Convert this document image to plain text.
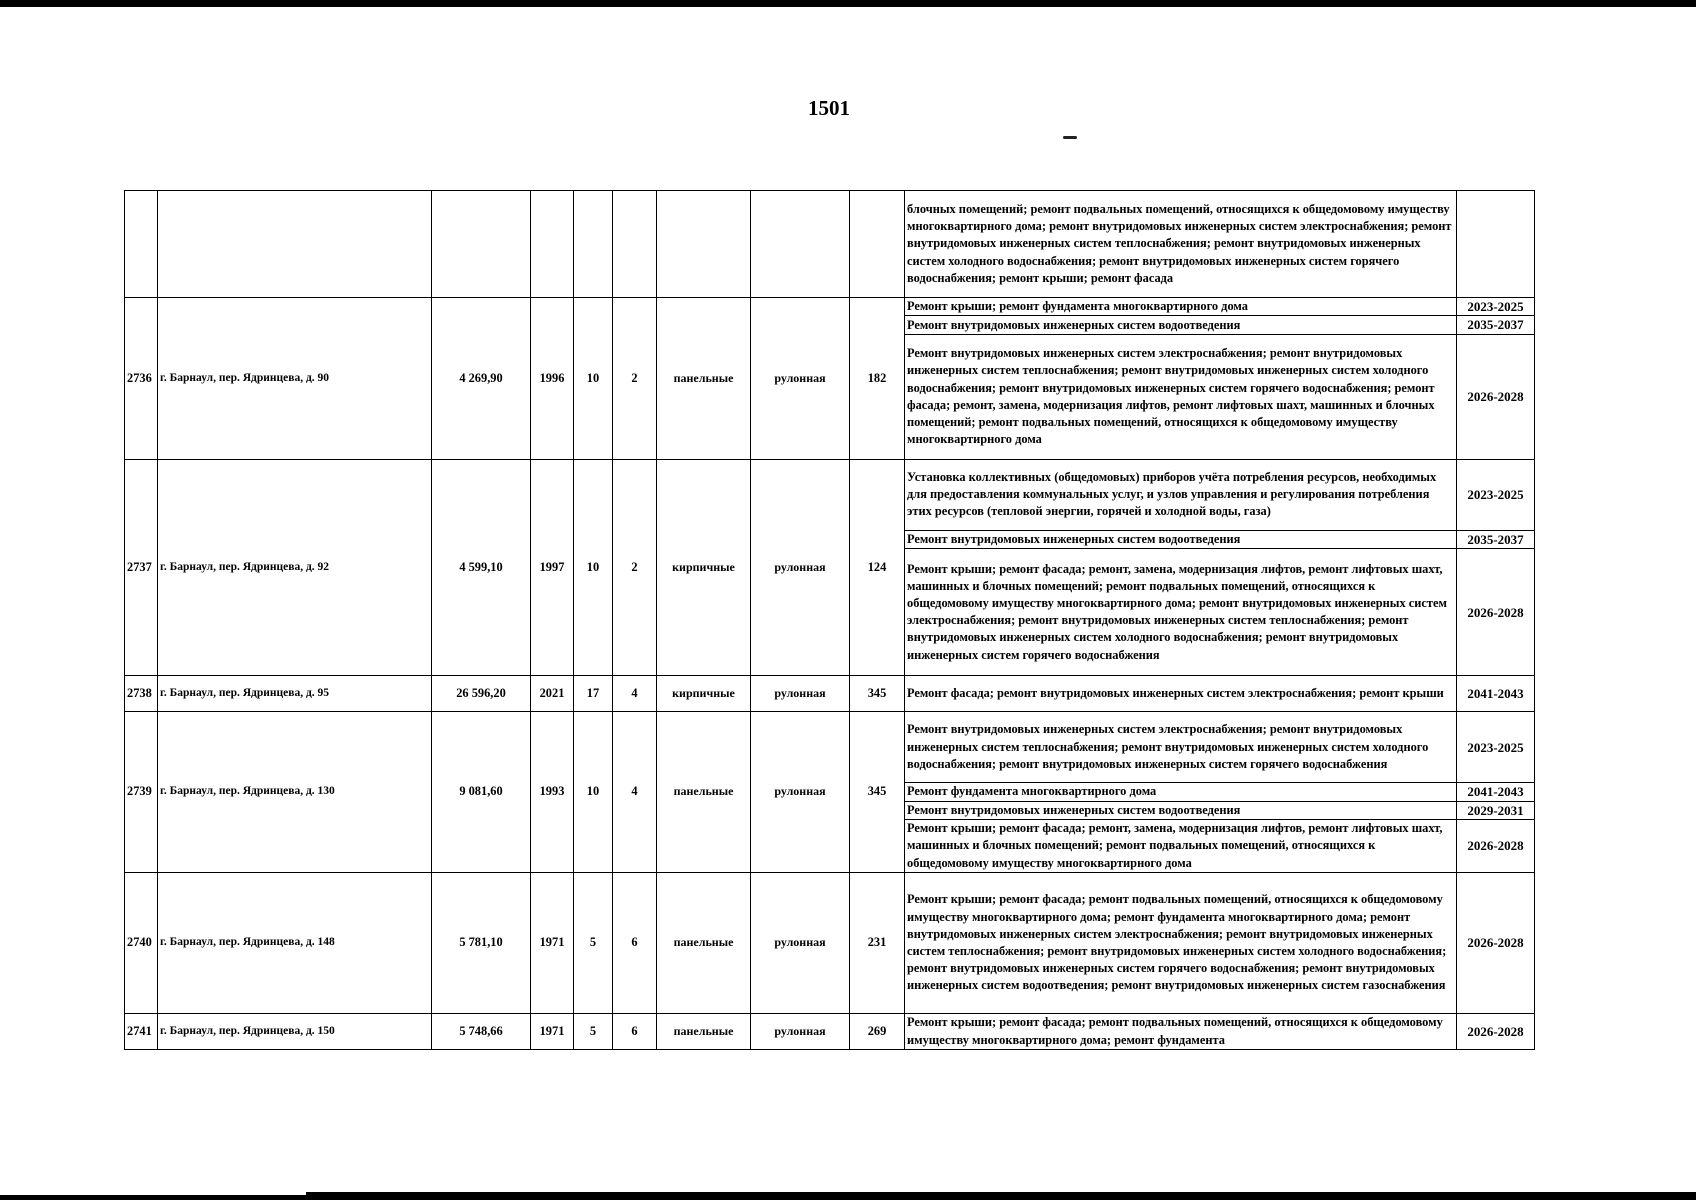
1501
									блочных помещений; ремонт подвальных помещений, относящихся к общедомовому имуществу многоквартирного дома; ремонт внутридомовых инженерных систем электроснабжения; ремонт внутридомовых инженерных систем теплоснабжения; ремонт внутридомовых инженерных систем холодного водоснабжения; ремонт внутридомовых инженерных систем горячего водоснабжения; ремонт крыши; ремонт фасада	
2736	г. Барнаул, пер. Ядринцева, д. 90	4 269,90	1996	10	2	панельные	рулонная	182	Ремонт крыши; ремонт фундамента многоквартирного дома	2023-2025
									Ремонт внутридомовых инженерных систем водоотведения	2035-2037
									Ремонт внутридомовых инженерных систем электроснабжения; ремонт внутридомовых инженерных систем теплоснабжения; ремонт внутридомовых инженерных систем холодного водоснабжения; ремонт внутридомовых инженерных систем горячего водоснабжения; ремонт фасада; ремонт, замена, модернизация лифтов, ремонт лифтовых шахт, машинных и блочных помещений; ремонт подвальных помещений, относящихся к общедомовому имуществу многоквартирного дома	2026-2028
2737	г. Барнаул, пер. Ядринцева, д. 92	4 599,10	1997	10	2	кирпичные	рулонная	124	Установка коллективных (общедомовых) приборов учёта потребления ресурсов, необходимых для предоставления коммунальных услуг, и узлов управления и регулирования потребления этих ресурсов (тепловой энергии, горячей и холодной воды, газа)	2023-2025
									Ремонт внутридомовых инженерных систем водоотведения	2035-2037
									Ремонт крыши; ремонт фасада; ремонт, замена, модернизация лифтов, ремонт лифтовых шахт, машинных и блочных помещений; ремонт подвальных помещений, относящихся к общедомовому имуществу многоквартирного дома; ремонт внутридомовых инженерных систем электроснабжения; ремонт внутридомовых инженерных систем теплоснабжения; ремонт внутридомовых инженерных систем холодного водоснабжения; ремонт внутридомовых инженерных систем горячего водоснабжения	2026-2028
2738	г. Барнаул, пер. Ядринцева, д. 95	26 596,20	2021	17	4	кирпичные	рулонная	345	Ремонт фасада; ремонт внутридомовых инженерных систем электроснабжения; ремонт крыши	2041-2043
2739	г. Барнаул, пер. Ядринцева, д. 130	9 081,60	1993	10	4	панельные	рулонная	345	Ремонт внутридомовых инженерных систем электроснабжения; ремонт внутридомовых инженерных систем теплоснабжения; ремонт внутридомовых инженерных систем холодного водоснабжения; ремонт внутридомовых инженерных систем горячего водоснабжения	2023-2025
									Ремонт фундамента многоквартирного дома	2041-2043
									Ремонт внутридомовых инженерных систем водоотведения	2029-2031
									Ремонт крыши; ремонт фасада; ремонт, замена, модернизация лифтов, ремонт лифтовых шахт, машинных и блочных помещений; ремонт подвальных помещений, относящихся к общедомовому имуществу многоквартирного дома	2026-2028
2740	г. Барнаул, пер. Ядринцева, д. 148	5 781,10	1971	5	6	панельные	рулонная	231	Ремонт крыши; ремонт фасада; ремонт подвальных помещений, относящихся к общедомовому имуществу многоквартирного дома; ремонт фундамента многоквартирного дома; ремонт внутридомовых инженерных систем электроснабжения; ремонт внутридомовых инженерных систем теплоснабжения; ремонт внутридомовых инженерных систем холодного водоснабжения; ремонт внутридомовых инженерных систем горячего водоснабжения; ремонт внутридомовых инженерных систем водоотведения; ремонт внутридомовых инженерных систем газоснабжения	2026-2028
2741	г. Барнаул, пер. Ядринцева, д. 150	5 748,66	1971	5	6	панельные	рулонная	269	Ремонт крыши; ремонт фасада; ремонт подвальных помещений, относящихся к общедомовому имуществу многоквартирного дома; ремонт фундамента	2026-2028
